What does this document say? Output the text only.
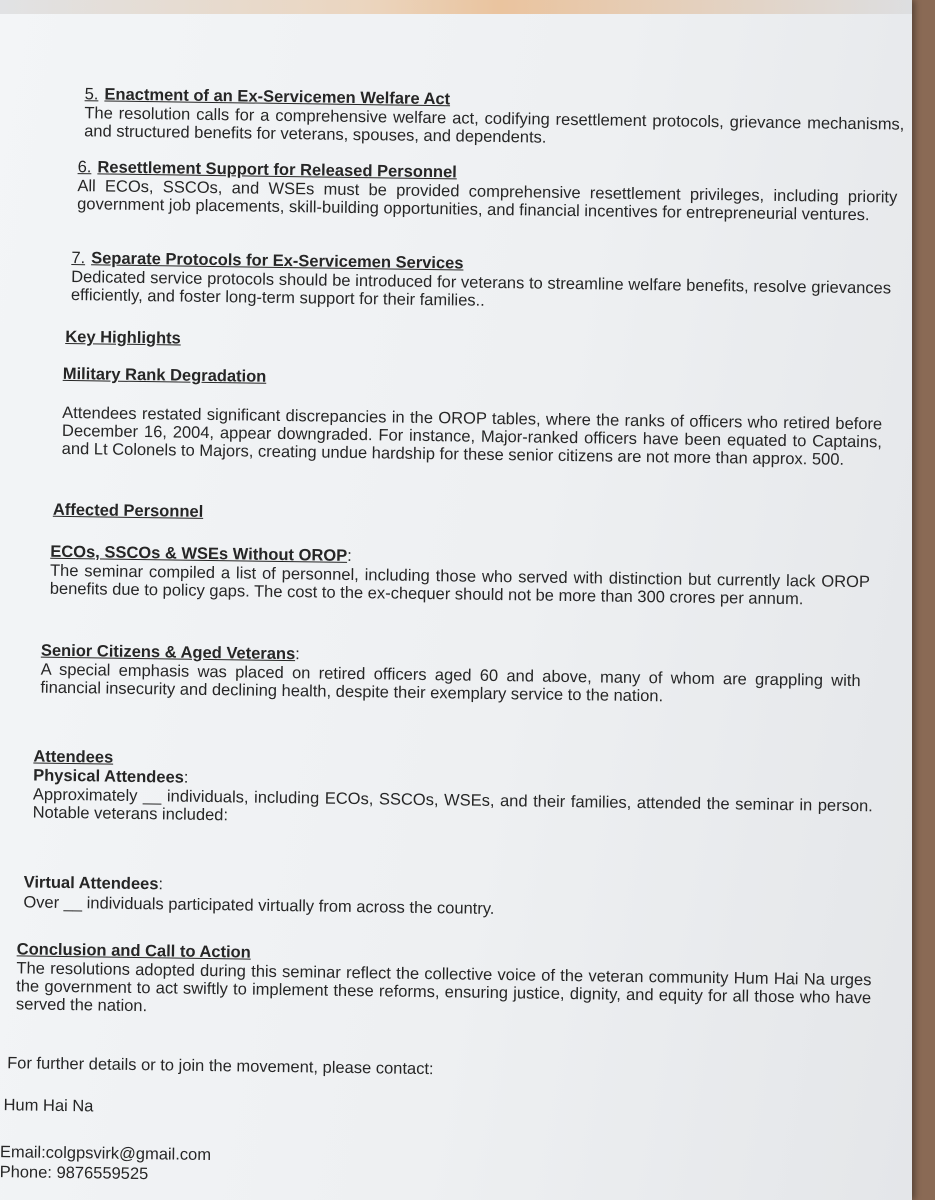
5. Enactment of an Ex-Servicemen Welfare Act

The resolution calls for a comprehensive welfare act, codifying resettlement protocols, grievance mechanisms, and structured benefits for veterans, spouses, and dependents.

6. Resettlement Support for Released Personnel

All ECOs, SSCOs, and WSEs must be provided comprehensive resettlement privileges, including priority government job placements, skill-building opportunities, and financial incentives for entrepreneurial ventures.

7. Separate Protocols for Ex-Servicemen Services

Dedicated service protocols should be introduced for veterans to streamline welfare benefits, resolve grievances efficiently, and foster long-term support for their families..

Key Highlights
Military Rank Degradation

Attendees restated significant discrepancies in the OROP tables, where the ranks of officers who retired before December 16, 2004, appear downgraded. For instance, Major-ranked officers have been equated to Captains, and Lt Colonels to Majors, creating undue hardship for these senior citizens are not more than approx. 500.

Affected Personnel
ECOs, SSCOs & WSEs Without OROP:

The seminar compiled a list of personnel, including those who served with distinction but currently lack OROP benefits due to policy gaps. The cost to the ex-chequer should not be more than 300 crores per annum.

Senior Citizens & Aged Veterans:

A special emphasis was placed on retired officers aged 60 and above, many of whom are grappling with financial insecurity and declining health, despite their exemplary service to the nation.

Attendees
Physical Attendees:

Approximately __ individuals, including ECOs, SSCOs, WSEs, and their families, attended the seminar in person. Notable veterans included:

Virtual Attendees:

Over __ individuals participated virtually from across the country.

Conclusion and Call to Action

The resolutions adopted during this seminar reflect the collective voice of the veteran community Hum Hai Na urges the government to act swiftly to implement these reforms, ensuring justice, dignity, and equity for all those who have served the nation.

For further details or to join the movement, please contact:

Hum Hai Na

Email:colgpsvirk@gmail.com

Phone: 9876559525
